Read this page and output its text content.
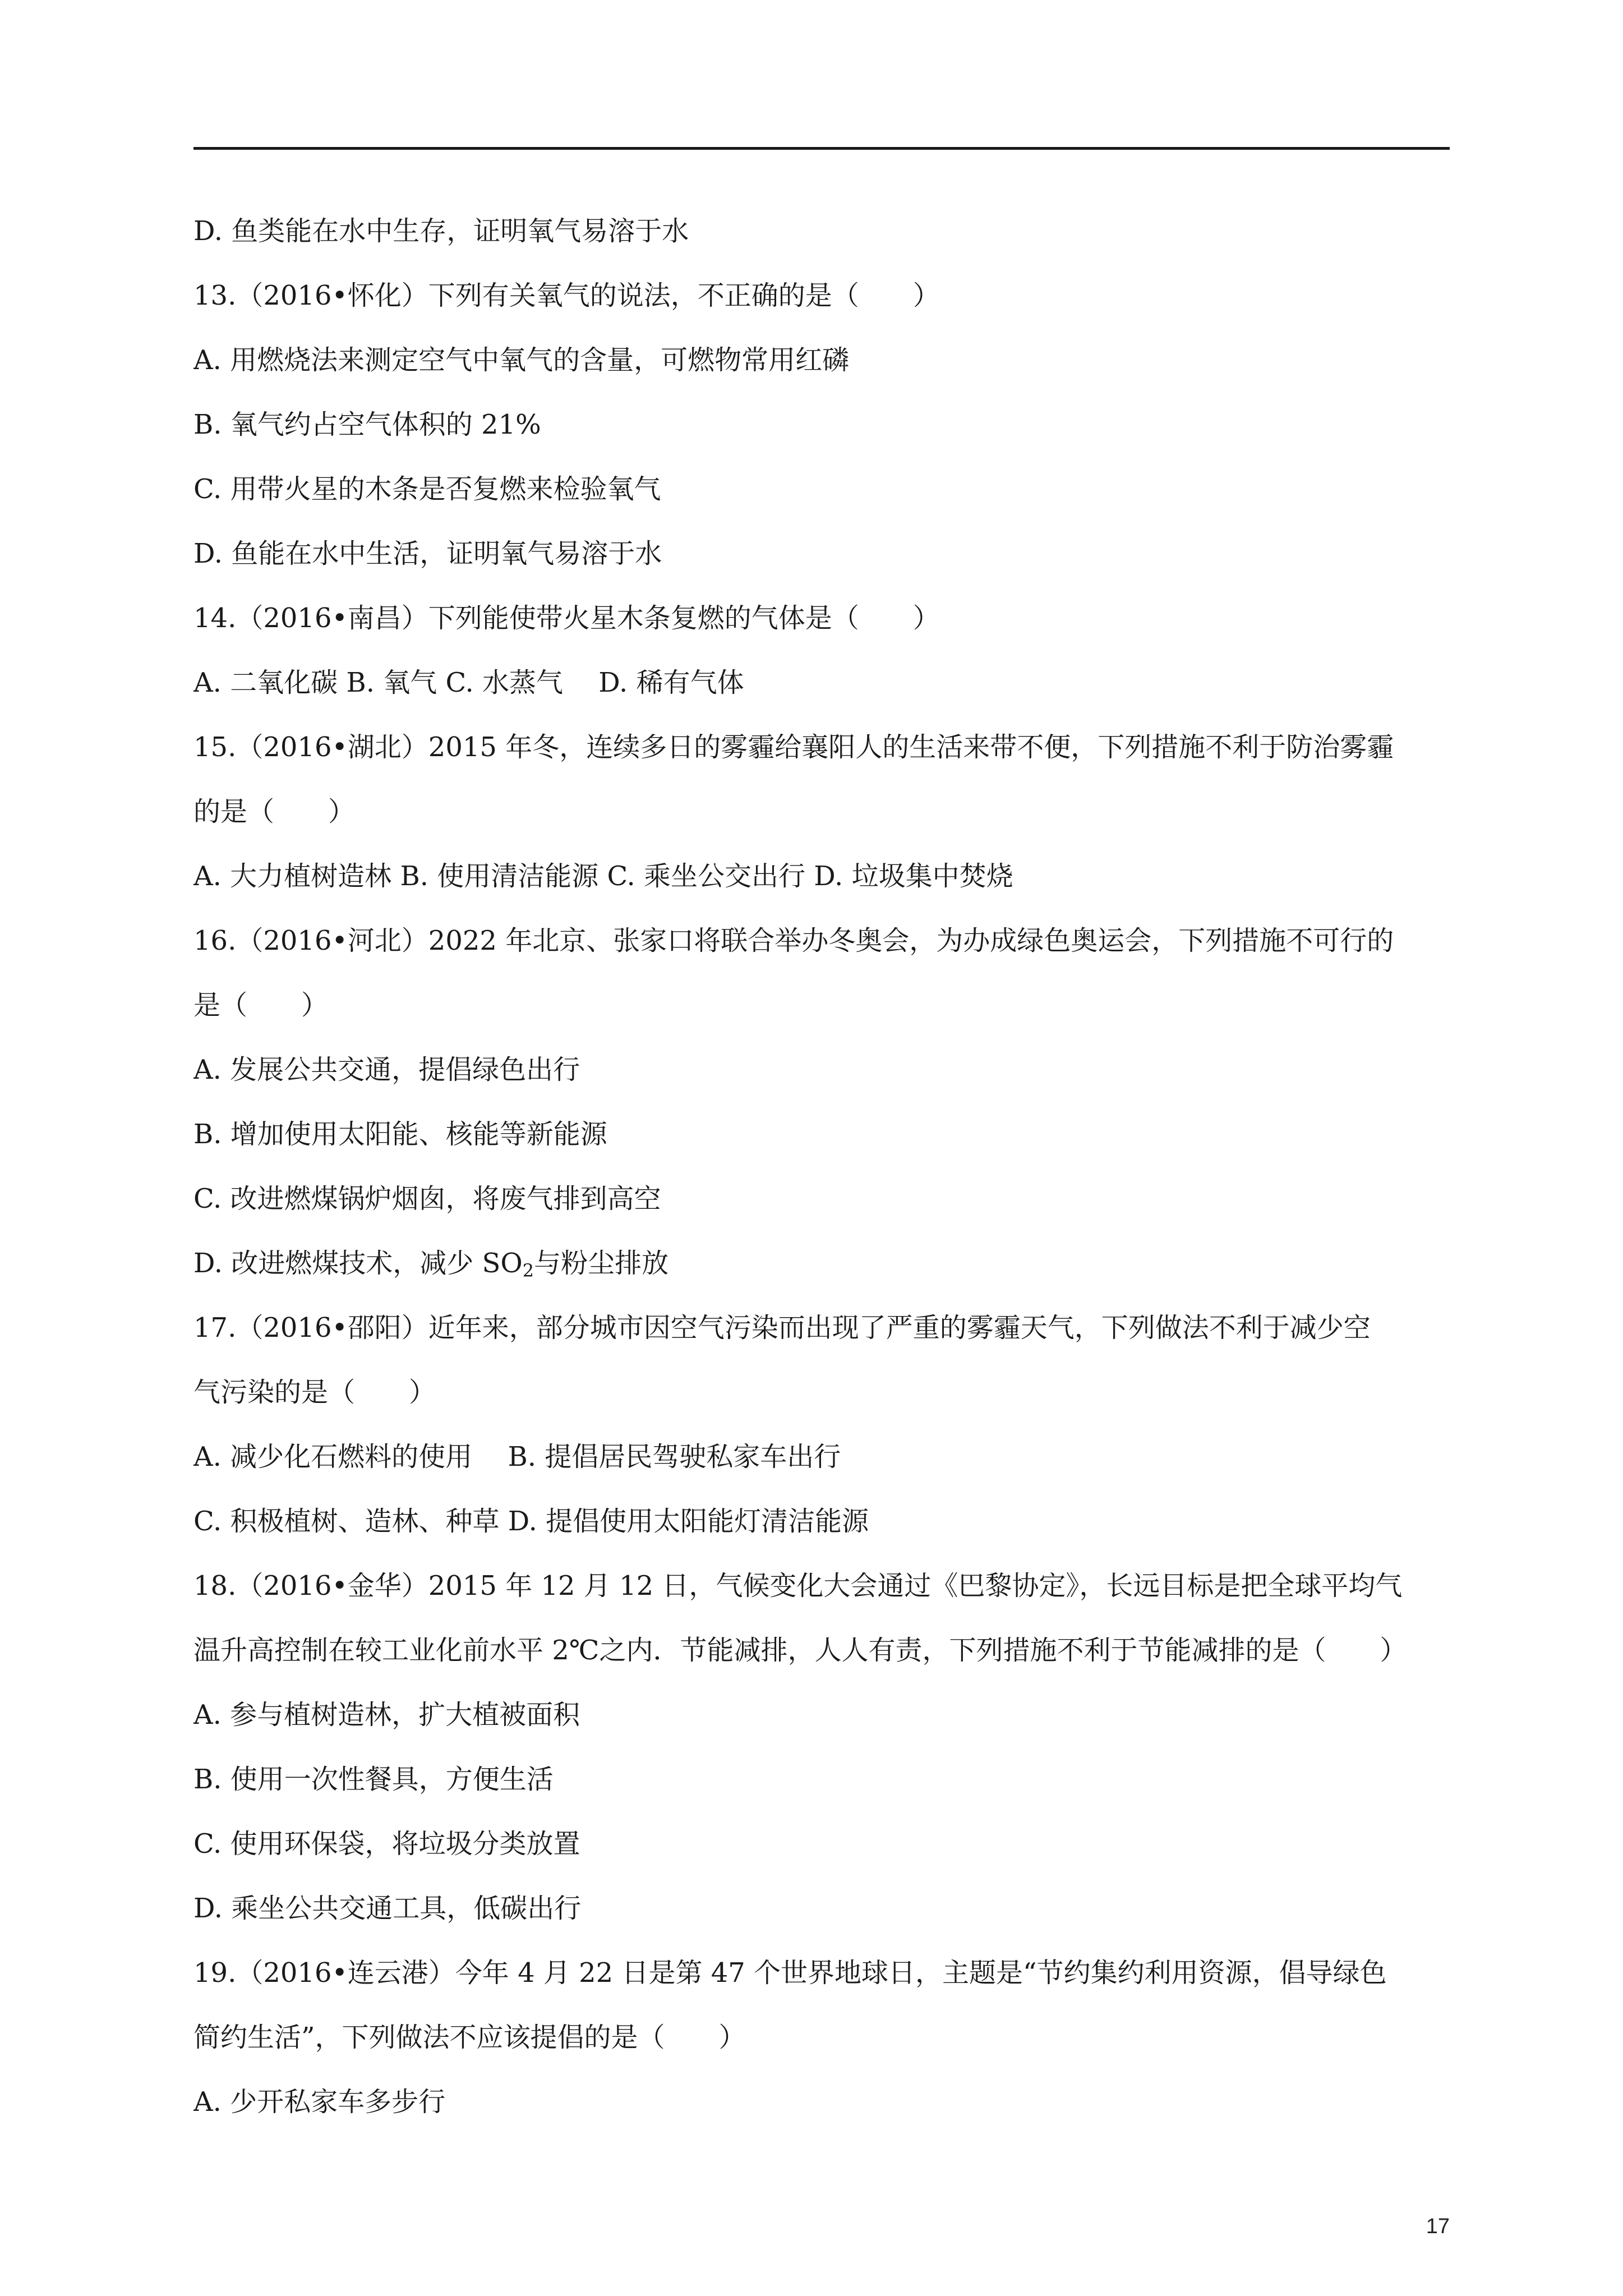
D. 鱼类能在水中生存，证明氧气易溶于水
13.（2016•怀化）下列有关氧气的说法，不正确的是（　　）
A. 用燃烧法来测定空气中氧气的含量，可燃物常用红磷
B. 氧气约占空气体积的 21%
C. 用带火星的木条是否复燃来检验氧气
D. 鱼能在水中生活，证明氧气易溶于水
14.（2016•南昌）下列能使带火星木条复燃的气体是（　　）
A. 二氧化碳 B. 氧气 C. 水蒸气　 D. 稀有气体
15.（2016•湖北）2015 年冬，连续多日的雾霾给襄阳人的生活来带不便，下列措施不利于防治雾霾
的是（　　）
A. 大力植树造林 B. 使用清洁能源 C. 乘坐公交出行 D. 垃圾集中焚烧
16.（2016•河北）2022 年北京、张家口将联合举办冬奥会，为办成绿色奥运会，下列措施不可行的
是（　　）
A. 发展公共交通，提倡绿色出行
B. 增加使用太阳能、核能等新能源
C. 改进燃煤锅炉烟囱，将废气排到高空
D. 改进燃煤技术，减少 $SO_2$与粉尘排放
17.（2016•邵阳）近年来，部分城市因空气污染而出现了严重的雾霾天气，下列做法不利于减少空
气污染的是（　　）
A. 减少化石燃料的使用　 B. 提倡居民驾驶私家车出行
C. 积极植树、造林、种草 D. 提倡使用太阳能灯清洁能源
18.（2016•金华）2015 年 12 月 12 日，气候变化大会通过《巴黎协定》，长远目标是把全球平均气
温升高控制在较工业化前水平 2℃之内．节能减排，人人有责，下列措施不利于节能减排的是（　　）
A. 参与植树造林，扩大植被面积
B. 使用一次性餐具，方便生活
C. 使用环保袋，将垃圾分类放置
D. 乘坐公共交通工具，低碳出行
19.（2016•连云港）今年 4 月 22 日是第 47 个世界地球日，主题是“节约集约利用资源，倡导绿色
简约生活”，下列做法不应该提倡的是（　　）
A. 少开私家车多步行
17
